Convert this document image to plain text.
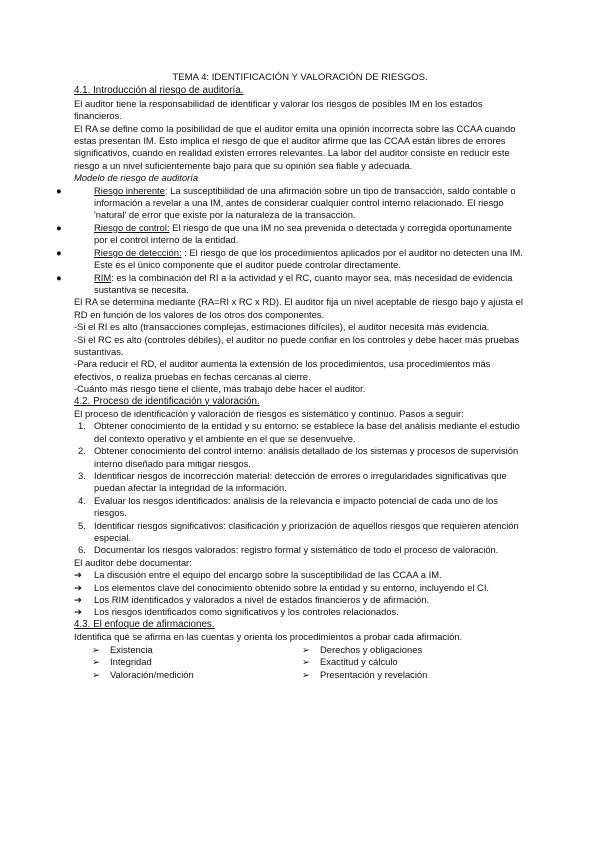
TEMA 4: IDENTIFICACIÓN Y VALORACIÓN DE RIESGOS.
4.1. Introducción al riesgo de auditoría.

El auditor tiene la responsabilidad de identificar y valorar los riesgos de posibles IM en los estados financieros.

El RA se define como la posibilidad de que el auditor emita una opinión incorrecta sobre las CCAA cuando estas presentan IM. Esto implica el riesgo de que el auditor afirme que las CCAA están libres de errores significativos, cuando en realidad existen errores relevantes. La labor del auditor consiste en reducir este riesgo a un nivel suficientemente bajo para que su opinión sea fiable y adecuada.

Modelo de riesgo de auditoría

●	Riesgo inherente: La susceptibilidad de una afirmación sobre un tipo de transacción, saldo contable o información a revelar a una IM, antes de considerar cualquier control interno relacionado. El riesgo 'natural' de error que existe por la naturaleza de la transacción.
●	Riesgo de control: El riesgo de que una IM no sea prevenida o detectada y corregida oportunamente por el control interno de la entidad.
●	Riesgo de detección: : El riesgo de que los procedimientos aplicados por el auditor no detecten una IM. Este es el único componente que el auditor puede controlar directamente.
●	RIM: es la combinación del RI a la actividad y el RC, cuanto mayor sea, más necesidad de evidencia sustantiva se necesita.

El RA se determina mediante (RA=RI x RC x RD). El auditor fija un nivel aceptable de riesgo bajo y ajusta el RD en función de los valores de los otros dos componentes.

-Si el RI es alto (transacciones complejas, estimaciones difíciles), el auditor necesita más evidencia.

-Si el RC es alto (controles débiles), el auditor no puede confiar en los controles y debe hacer más pruebas sustantivas.

-Para reducir el RD, el auditor aumenta la extensión de los procedimientos, usa procedimientos más efectivos, o realiza pruebas en fechas cercanas al cierre.

-Cuánto más riesgo tiene el cliente, más trabajo debe hacer el auditor.

4.2. Proceso de identificación y valoración.

El proceso de identificación y valoración de riesgos es sistemático y continuo. Pasos a seguir:

1. Obtener conocimiento de la entidad y su entorno: se establece la base del análisis mediante el estudio del contexto operativo y el ambiente en el que se desenvuelve.
2. Obtener conocimiento del control interno: análisis detallado de los sistemas y procesos de supervisión interno diseñado para mitigar riesgos.
3. Identificar riesgos de incorrección material: detección de errores o irregularidades significativas que puedan afectar la integridad de la información.
4. Evaluar los riesgos identificados: análisis de la relevancia e impacto potencial de cada uno de los riesgos.
5. Identificar riesgos significativos: clasificación y priorización de aquellos riesgos que requieren atención especial.
6. Documentar los riesgos valorados: registro formal y sistemático de todo el proceso de valoración.

El auditor debe documentar:

➔ La discusión entre el equipo del encargo sobre la susceptibilidad de las CCAA a IM.
➔ Los elementos clave del conocimiento obtenido sobre la entidad y su entorno, incluyendo el CI.
➔ Los RIM identificados y valorados a nivel de estados financieros y de afirmación.
➔ Los riesgos identificados como significativos y los controles relacionados.
4.3. El enfoque de afirmaciones.

Identifica qué se afirma en las cuentas y orienta los procedimientos a probar cada afirmación.

➢ Existencia
➢ Integridad
➢ Valoración/medición
➢ Derechos y obligaciones
➢ Exactitud y cálculo
➢ Presentación y revelación
